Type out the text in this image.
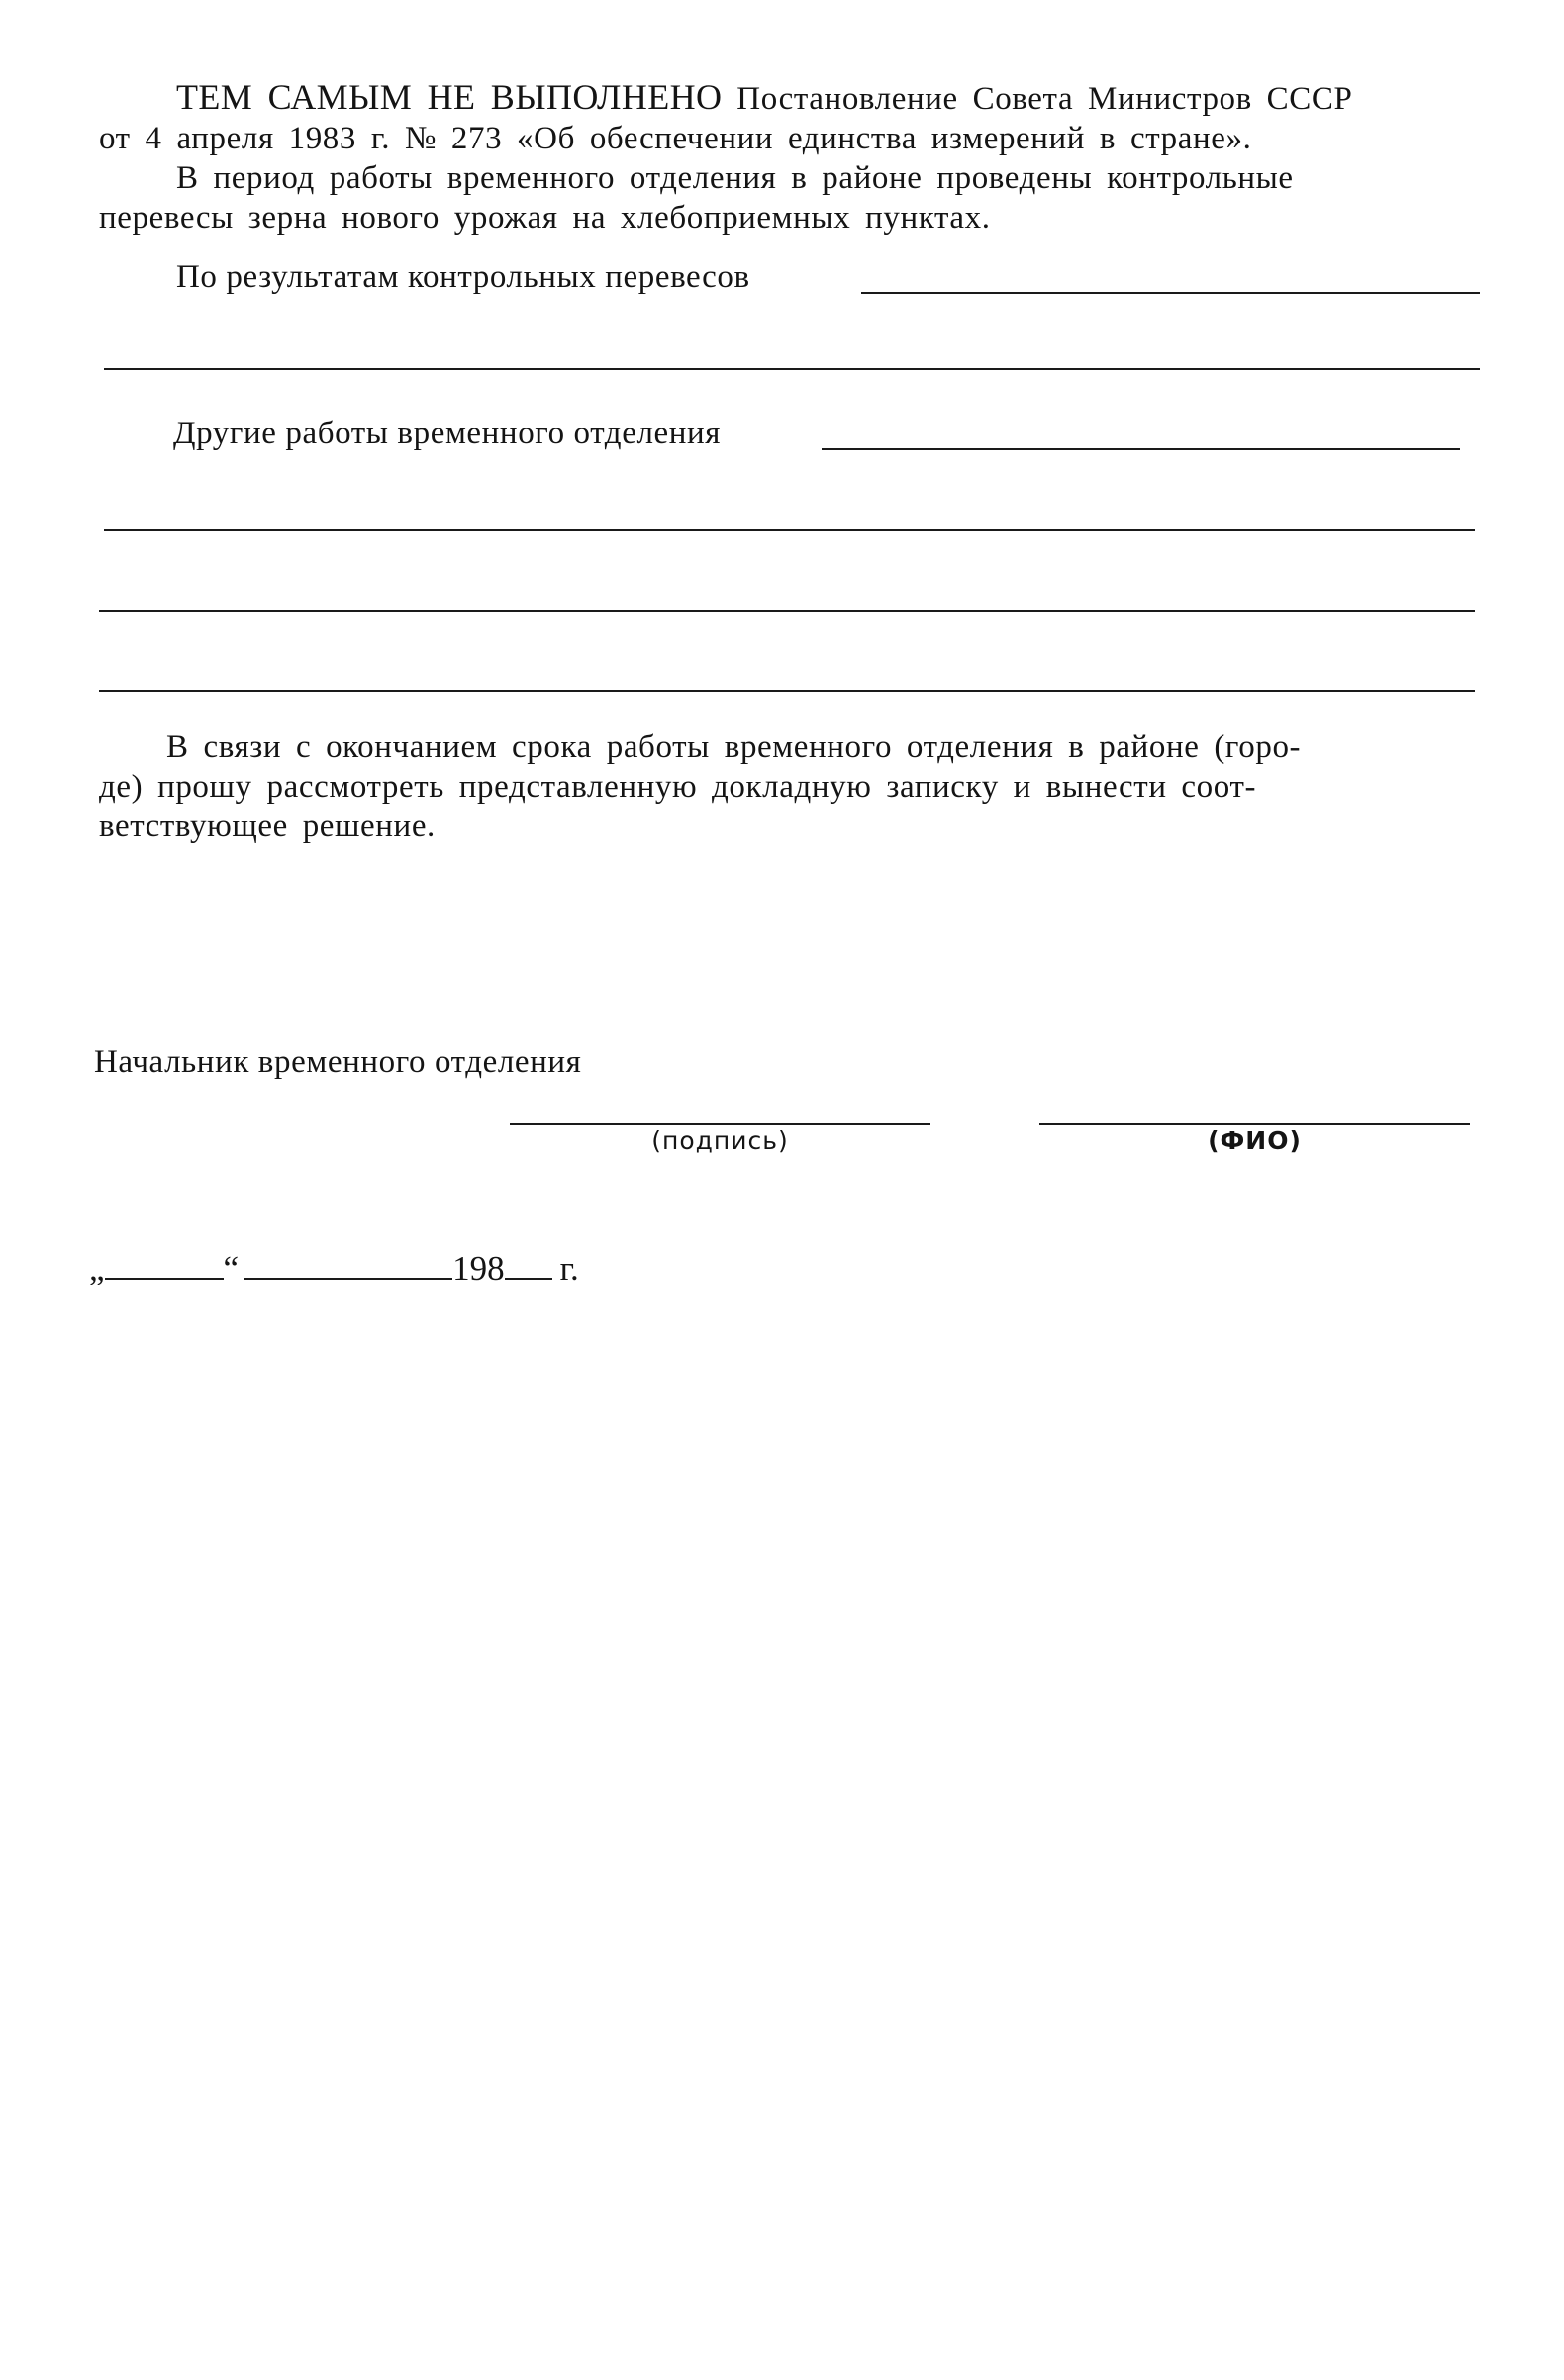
ТЕМ САМЫМ НЕ ВЫПОЛНЕНО Постановление Совета Министров СССР
от 4 апреля 1983 г. № 273 «Об обеспечении единства измерений в стране».
В период работы временного отделения в районе проведены контрольные
перевесы зерна нового урожая на хлебоприемных пунктах.
По результатам контрольных перевесов
Другие работы временного отделения
В связи с окончанием срока работы временного отделения в районе (горо-
де) прошу рассмотреть представленную докладную записку и вынести соот-
ветствующее решение.
Начальник временного отделения
(подпись)	(ФИО)
„	“	198 г.
